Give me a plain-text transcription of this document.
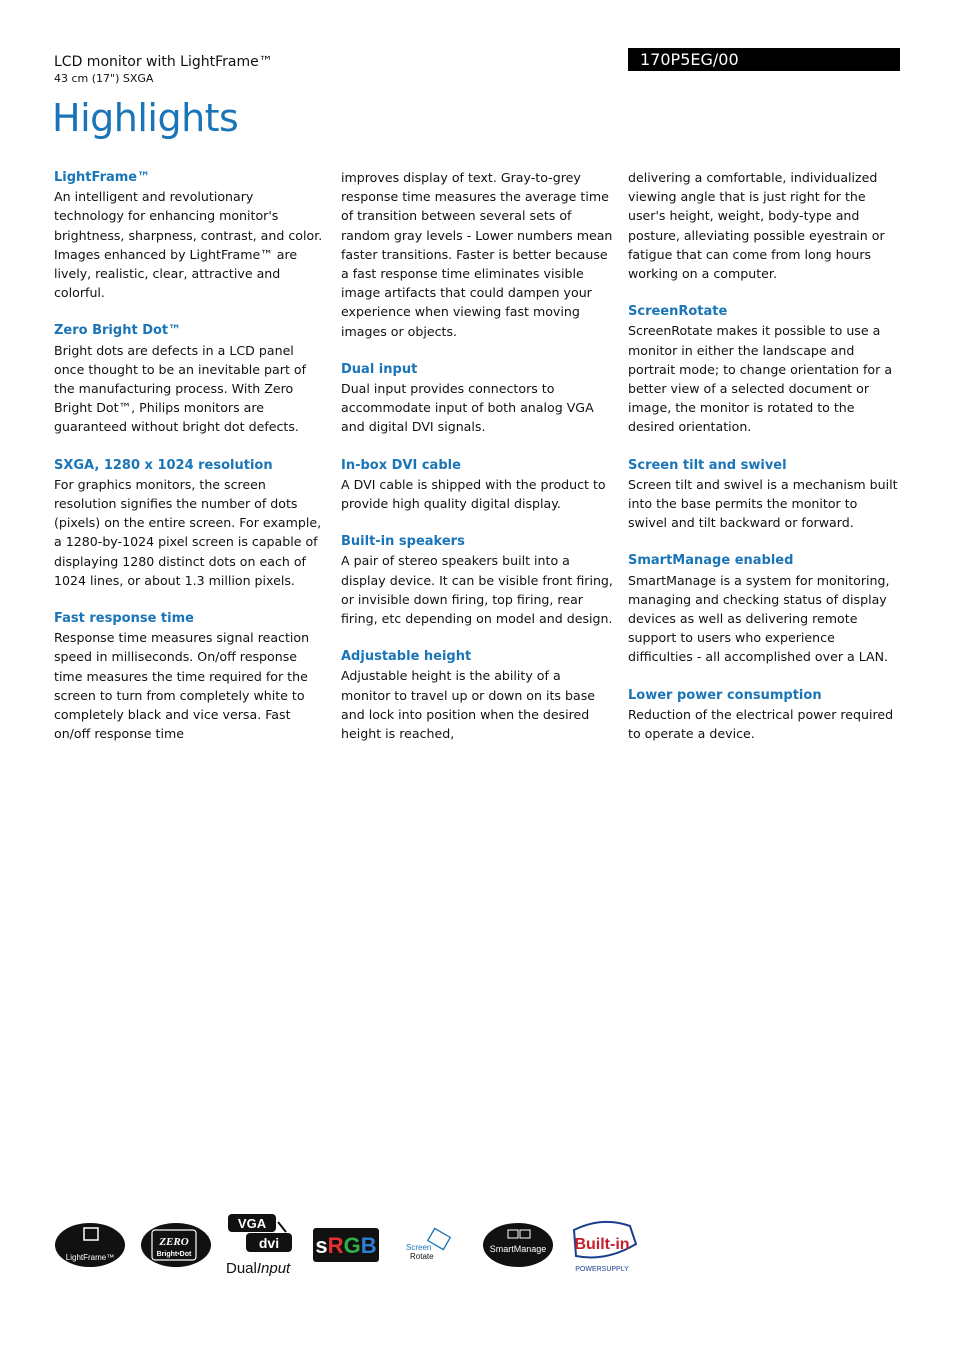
LCD monitor with LightFrame™
43 cm (17") SXGA
170P5EG/00
Highlights
LightFrame™

An intelligent and revolutionary technology for enhancing monitor's brightness, sharpness, contrast, and color. Images enhanced by LightFrame™ are lively, realistic, clear, attractive and colorful.

Zero Bright Dot™

Bright dots are defects in a LCD panel once thought to be an inevitable part of the manufacturing process. With Zero Bright Dot™, Philips monitors are guaranteed without bright dot defects.

SXGA, 1280 x 1024 resolution

For graphics monitors, the screen resolution signifies the number of dots (pixels) on the entire screen. For example, a 1280-by-1024 pixel screen is capable of displaying 1280 distinct dots on each of 1024 lines, or about 1.3 million pixels.

Fast response time

Response time measures signal reaction speed in milliseconds. On/off response time measures the time required for the screen to turn from completely white to completely black and vice versa. Fast on/off response time

improves display of text. Gray-to-grey response time measures the average time of transition between several sets of random gray levels - Lower numbers mean faster transitions. Faster is better because a fast response time eliminates visible image artifacts that could dampen your experience when viewing fast moving images or objects.

Dual input

Dual input provides connectors to accommodate input of both analog VGA and digital DVI signals.

In-box DVI cable

A DVI cable is shipped with the product to provide high quality digital display.

Built-in speakers

A pair of stereo speakers built into a display device. It can be visible front firing, or invisible down firing, top firing, rear firing, etc depending on model and design.

Adjustable height

Adjustable height is the ability of a monitor to travel up or down on its base and lock into position when the desired height is reached,

delivering a comfortable, individualized viewing angle that is just right for the user's height, weight, body-type and posture, alleviating possible eyestrain or fatigue that can come from long hours working on a computer.

ScreenRotate

ScreenRotate makes it possible to use a monitor in either the landscape and portrait mode; to change orientation for a better view of a selected document or image, the monitor is rotated to the desired orientation.

Screen tilt and swivel

Screen tilt and swivel is a mechanism built into the base permits the monitor to swivel and tilt backward or forward.

SmartManage enabled

SmartManage is a system for monitoring, managing and checking status of display devices as well as delivering remote support to users who experience difficulties - all accomplished over a LAN.

Lower power consumption

Reduction of the electrical power required to operate a device.

LightFrame™
ZERO
Bright•Dot
VGA
dvi
DualInput
sRGB	Screen
Rotate
SmartManage Built-in
POWERSUPPLY
